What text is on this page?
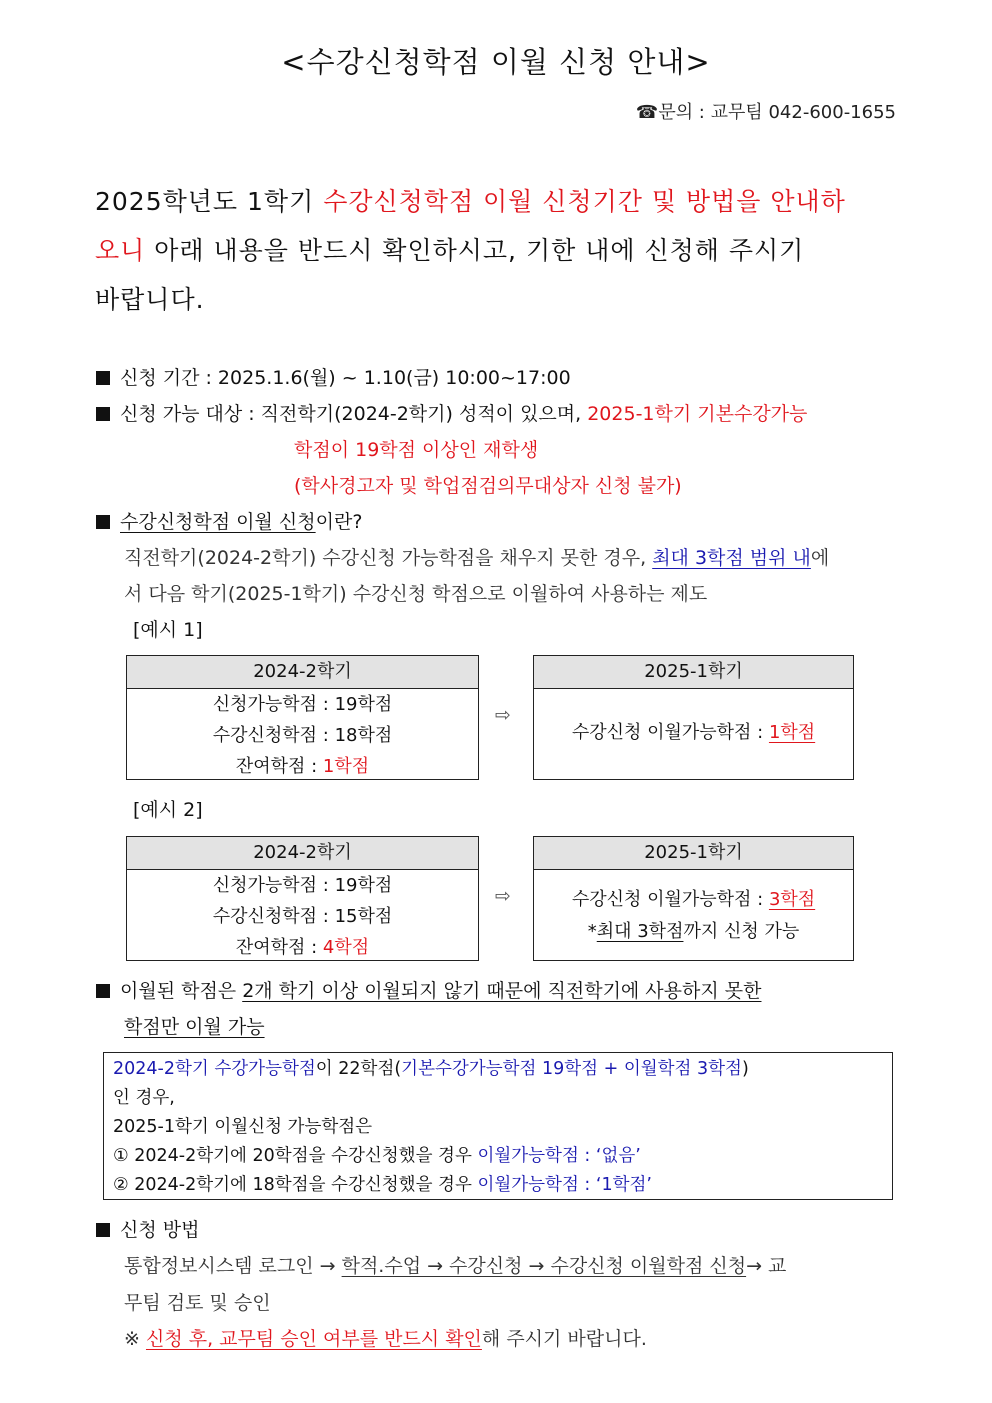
<수강신청학점 이월 신청 안내>
☎문의 : 교무팀 042-600-1655
2025학년도 1학기 수강신청학점 이월 신청기간 및 방법을 안내하
오니 아래 내용을 반드시 확인하시고, 기한 내에 신청해 주시기
바랍니다.
신청 기간 : 2025.1.6(월) ~ 1.10(금) 10:00~17:00
신청 가능 대상 : 직전학기(2024-2학기) 성적이 있으며, 2025-1학기 기본수강가능
학점이 19학점 이상인 재학생
(학사경고자 및 학업점검의무대상자 신청 불가)
수강신청학점 이월 신청이란?
직전학기(2024-2학기) 수강신청 가능학점을 채우지 못한 경우, 최대 3학점 범위 내에
서 다음 학기(2025-1학기) 수강신청 학점으로 이월하여 사용하는 제도
[예시 1]
2024-2학기
신청가능학점 : 19학점
수강신청학점 : 18학점
잔여학점 : 1학점
⇨
2025-1학기
수강신청 이월가능학점 : 1학점
[예시 2]
2024-2학기
신청가능학점 : 19학점
수강신청학점 : 15학점
잔여학점 : 4학점
⇨
2025-1학기
수강신청 이월가능학점 : 3학점
*최대 3학점까지 신청 가능
이월된 학점은 2개 학기 이상 이월되지 않기 때문에 직전학기에 사용하지 못한
학점만 이월 가능
2024-2학기 수강가능학점이 22학점(기본수강가능학점 19학점 + 이월학점 3학점)
인 경우,
2025-1학기 이월신청 가능학점은
① 2024-2학기에 20학점을 수강신청했을 경우 이월가능학점 : ‘없음’
② 2024-2학기에 18학점을 수강신청했을 경우 이월가능학점 : ‘1학점’
신청 방법
통합정보시스템 로그인 → 학적.수업 → 수강신청 → 수강신청 이월학점 신청→ 교
무팀 검토 및 승인
※ 신청 후, 교무팀 승인 여부를 반드시 확인해 주시기 바랍니다.
